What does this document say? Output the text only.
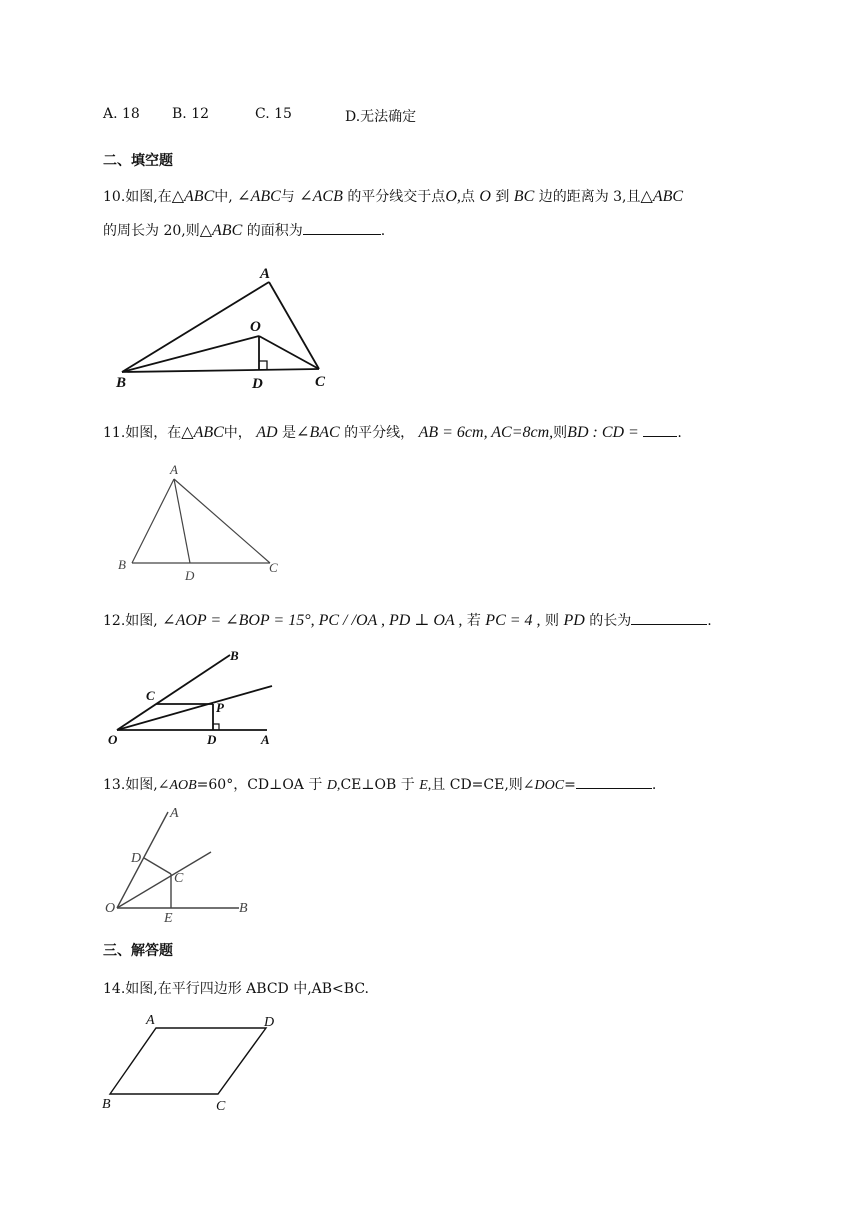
A. 18 B. 12	C. 15	D.无法确定
二、填空题
10.如图,在△ABC中, ∠ABC与 ∠ACB 的平分线交于点O,点 O 到 BC 边的距离为 3,且△ABC
的周长为 20,则△ABC 的面积为	.
A
B	C
O
D
11.如图，在△ABC中， AD 是∠BAC 的平分线， AB = 6cm, AC=8cm,则BD : CD =	.
A
B	C
D
12.如图, ∠AOP = ∠BOP = 15°, PC / /OA , PD ⊥ OA , 若 PC = 4 , 则 PD 的长为	.
B
C
P
O	D	A
13.如图,∠AOB=60°，CD⊥OA 于 D,CE⊥OB 于 E,且 CD=CE,则∠DOC=	.
A
D
C
O
E
B
三、解答题
14.如图,在平行四边形 ABCD 中,AB<BC.
A	D
B	C
